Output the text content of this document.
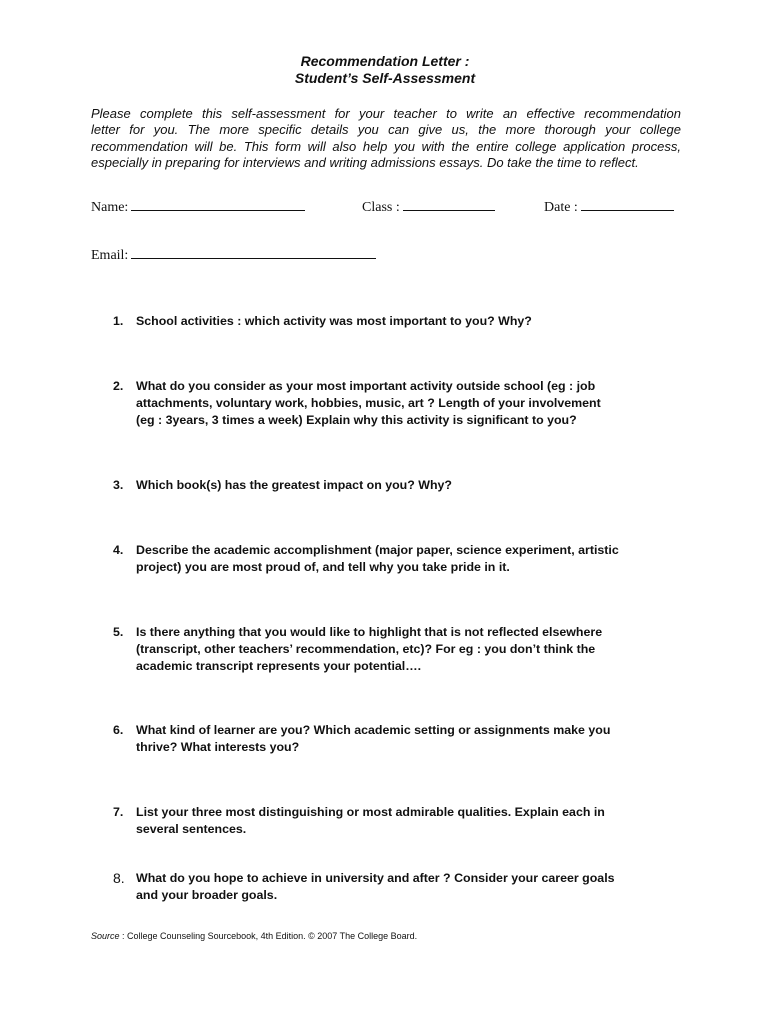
Recommendation Letter :
Student’s Self-Assessment
Please complete this self-assessment for your teacher to write an effective recommendation
letter for you. The more specific details you can give us, the more thorough your college
recommendation will be. This form will also help you with the entire college application process,
especially in preparing for interviews and writing admissions essays. Do take the time to reflect.
Name:	Class :	Date :
Email:
1.	School activities : which activity was most important to you? Why?
2.	What do you consider as your most important activity outside school (eg : job
attachments, voluntary work, hobbies, music, art ? Length of your involvement
(eg : 3years, 3 times a week) Explain why this activity is significant to you?
3.	Which book(s) has the greatest impact on you? Why?
4.	Describe the academic accomplishment (major paper, science experiment, artistic
project) you are most proud of, and tell why you take pride in it.
5.	Is there anything that you would like to highlight that is not reflected elsewhere
(transcript, other teachers’ recommendation, etc)? For eg : you don’t think the
academic transcript represents your potential….
6.	What kind of learner are you? Which academic setting or assignments make you
thrive? What interests you?
7.	List your three most distinguishing or most admirable qualities. Explain each in
several sentences.
8. What do you hope to achieve in university and after ? Consider your career goals
and your broader goals.
Source : College Counseling Sourcebook, 4th Edition. © 2007 The College Board.
